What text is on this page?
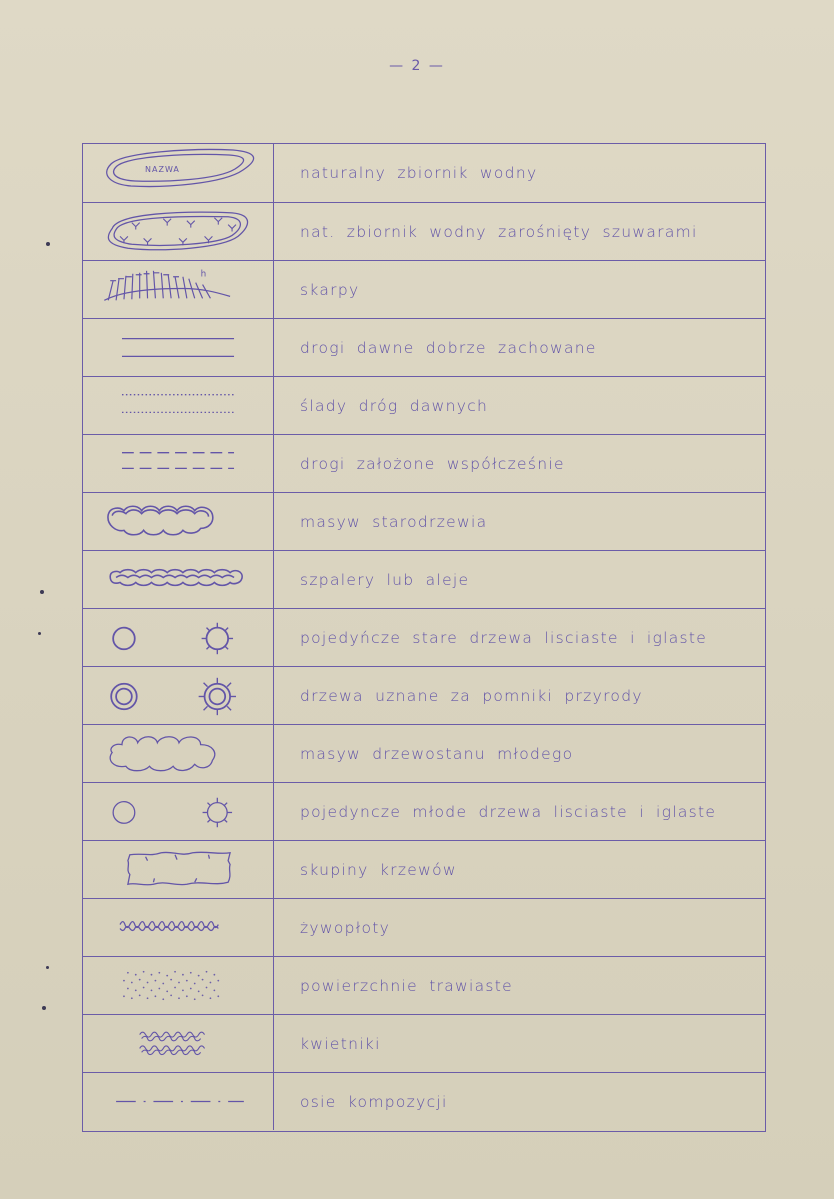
— 2 —
NAZWA	naturalny zbiornik wodny
nat. zbiornik wodny zarośnięty szuwarami
h
skarpy
drogi dawne dobrze zachowane
ślady dróg dawnych
drogi założone współcześnie
masyw starodrzewia
szpalery lub aleje
pojedyńcze stare drzewa lisciaste i iglaste
drzewa uznane za pomniki przyrody
masyw drzewostanu młodego
pojedyncze młode drzewa lisciaste i iglaste
skupiny krzewów
żywopłoty
powierzchnie trawiaste
kwietniki
osie kompozycji
